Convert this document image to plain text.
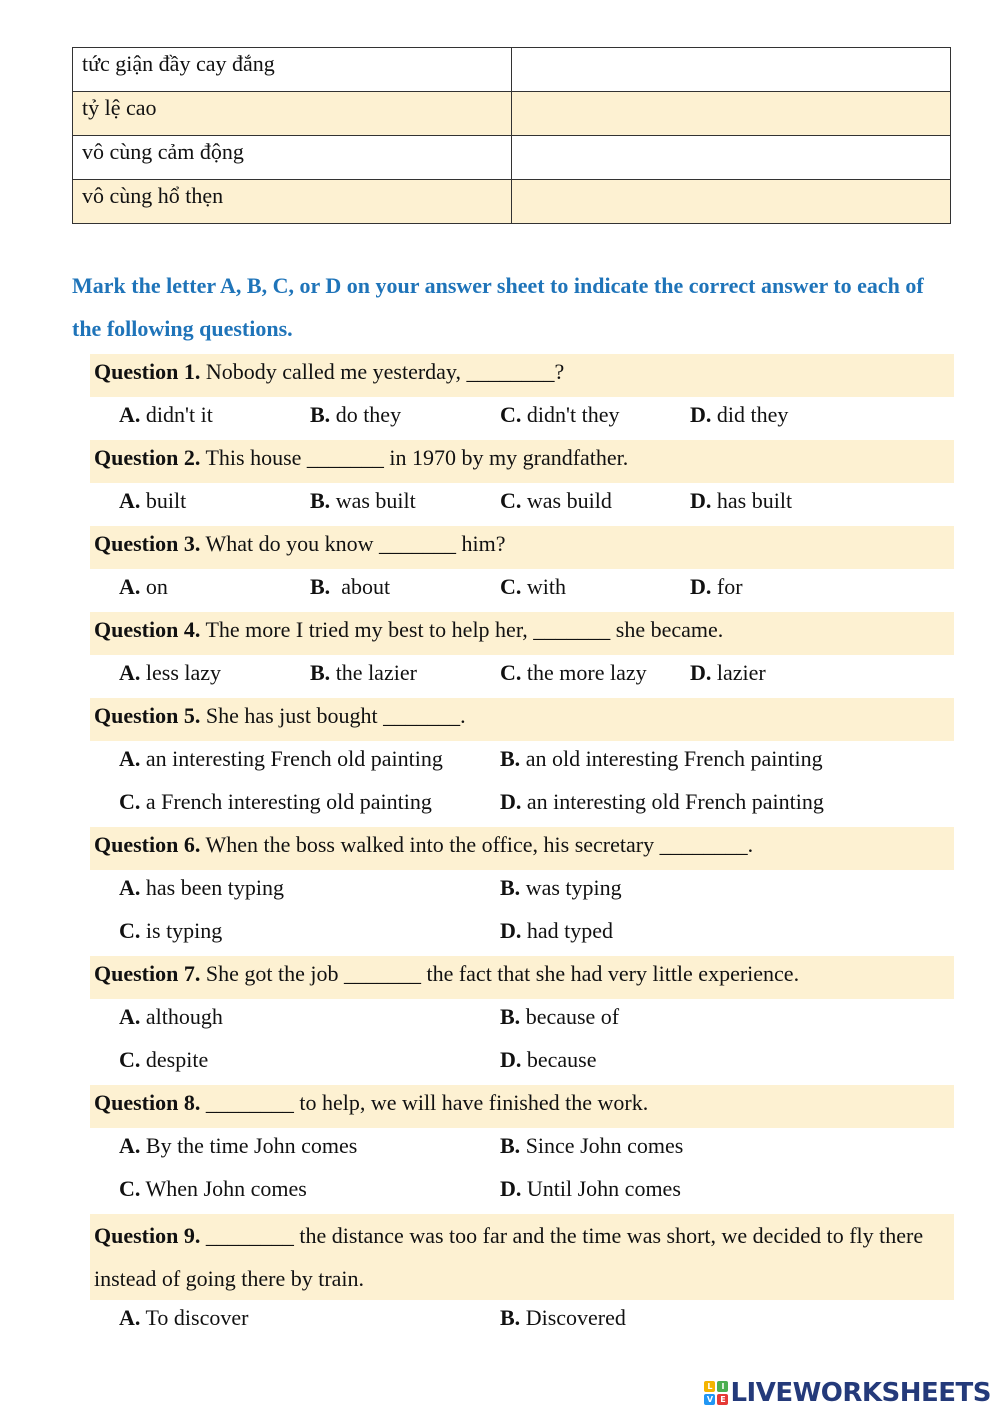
tức giận đầy cay đắng	
tỷ lệ cao	
vô cùng cảm động	
vô cùng hổ thẹn	
Mark the letter A, B, C, or D on your answer sheet to indicate the correct answer to each of the following questions.
Question 1. Nobody called me yesterday, ________?
A. didn't it	B. do they	C. didn't they	D. did they
Question 2. This house _______ in 1970 by my grandfather.
A. built	B. was built	C. was build	D. has built
Question 3. What do you know _______ him?
A. on	B.  about	C. with	D. for
Question 4. The more I tried my best to help her, _______ she became.
A. less lazy	B. the lazier	C. the more lazy D. lazier
Question 5. She has just bought _______.
A. an interesting French old painting	B. an old interesting French painting
C. a French interesting old painting	D. an interesting old French painting
Question 6. When the boss walked into the office, his secretary ________.
A. has been typing	B. was typing
C. is typing	D. had typed
Question 7. She got the job _______ the fact that she had very little experience.
A. although	B. because of
C. despite	D. because
Question 8. ________ to help, we will have finished the work.
A. By the time John comes	B. Since John comes
C. When John comes	D. Until John comes
Question 9. ________ the distance was too far and the time was short, we decided to fly there instead of going there by train.
A. To discover	B. Discovered
L	I
V E LIVEWORKSHEETS
